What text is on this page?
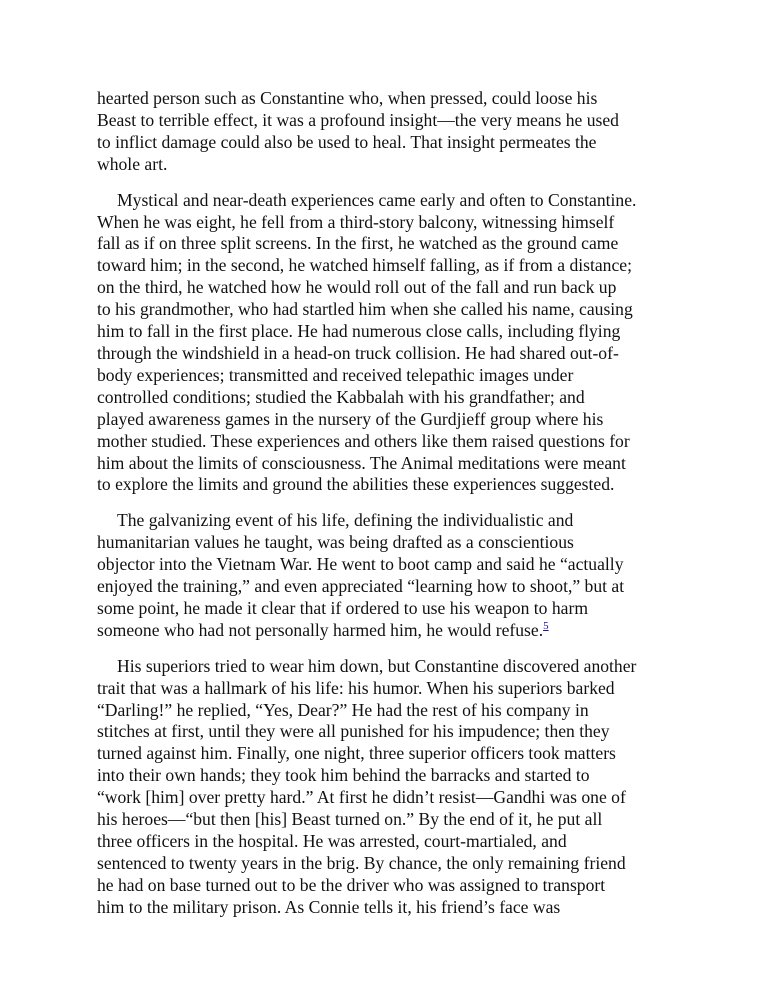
hearted person such as Constantine who, when pressed, could loose his
Beast to terrible effect, it was a profound insight—the very means he used
to inflict damage could also be used to heal. That insight permeates the
whole art.

Mystical and near-death experiences came early and often to Constantine.
When he was eight, he fell from a third-story balcony, witnessing himself
fall as if on three split screens. In the first, he watched as the ground came
toward him; in the second, he watched himself falling, as if from a distance;
on the third, he watched how he would roll out of the fall and run back up
to his grandmother, who had startled him when she called his name, causing
him to fall in the first place. He had numerous close calls, including flying
through the windshield in a head-on truck collision. He had shared out-of-
body experiences; transmitted and received telepathic images under
controlled conditions; studied the Kabbalah with his grandfather; and
played awareness games in the nursery of the Gurdjieff group where his
mother studied. These experiences and others like them raised questions for
him about the limits of consciousness. The Animal meditations were meant
to explore the limits and ground the abilities these experiences suggested.

The galvanizing event of his life, defining the individualistic and
humanitarian values he taught, was being drafted as a conscientious
objector into the Vietnam War. He went to boot camp and said he “actually
enjoyed the training,” and even appreciated “learning how to shoot,” but at
some point, he made it clear that if ordered to use his weapon to harm
someone who had not personally harmed him, he would refuse.$^5$

His superiors tried to wear him down, but Constantine discovered another
trait that was a hallmark of his life: his humor. When his superiors barked
“Darling!” he replied, “Yes, Dear?” He had the rest of his company in
stitches at first, until they were all punished for his impudence; then they
turned against him. Finally, one night, three superior officers took matters
into their own hands; they took him behind the barracks and started to
“work [him] over pretty hard.” At first he didn’t resist—Gandhi was one of
his heroes—“but then [his] Beast turned on.” By the end of it, he put all
three officers in the hospital. He was arrested, court-martialed, and
sentenced to twenty years in the brig. By chance, the only remaining friend
he had on base turned out to be the driver who was assigned to transport
him to the military prison. As Connie tells it, his friend’s face was
